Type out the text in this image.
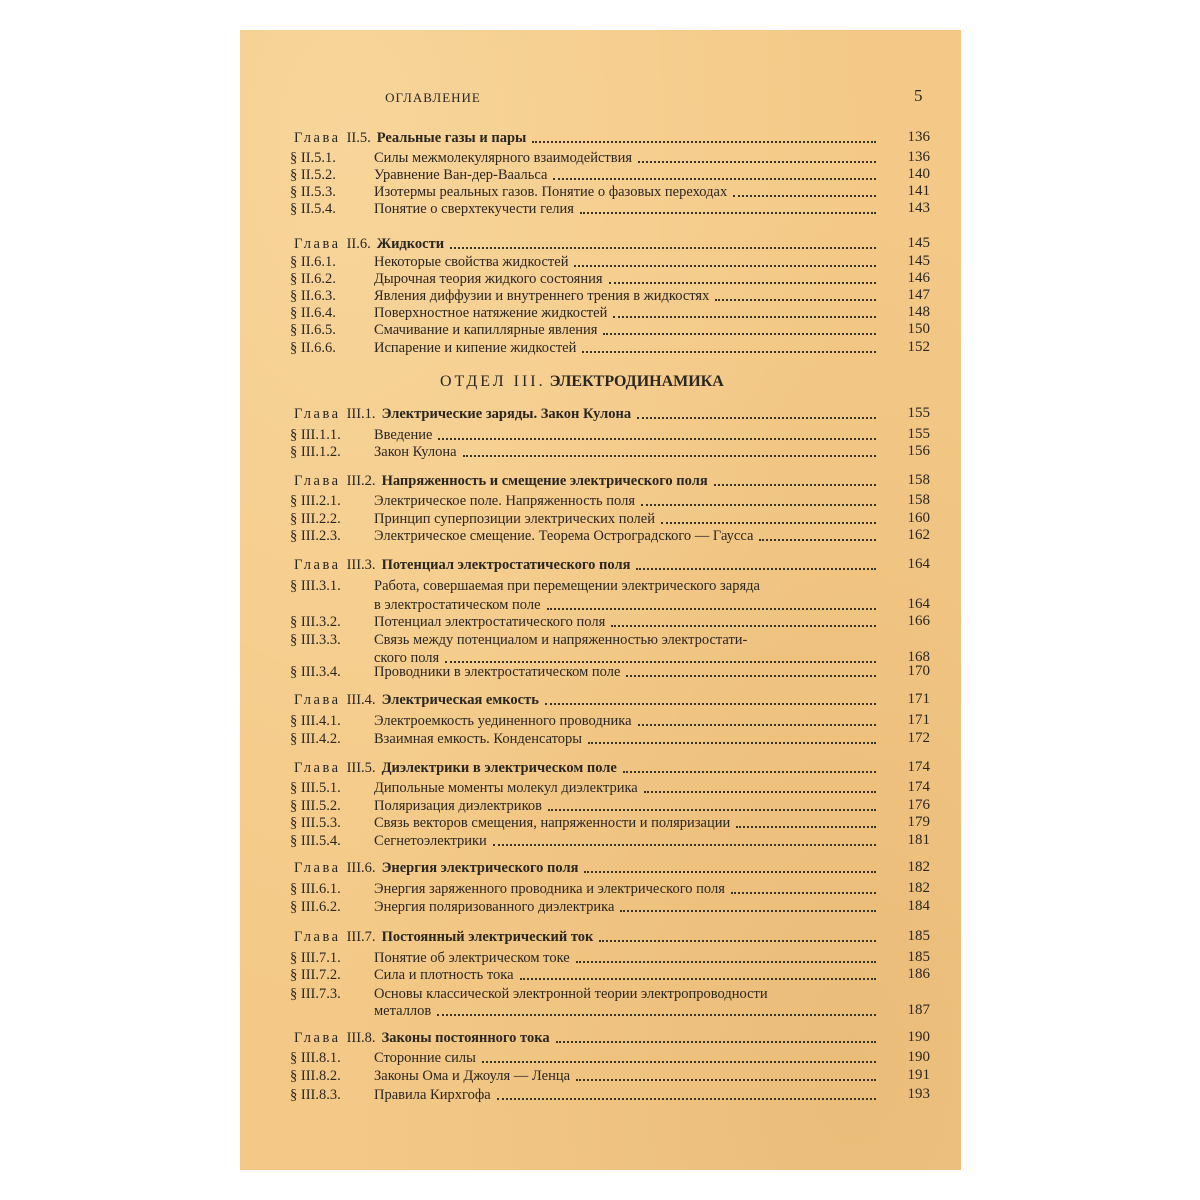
ОГЛАВЛЕНИЕ	5
ОТДЕЛ III. ЭЛЕКТРОДИНАМИКА
Глава II.5. Реальные газы и пары	136
§ II.5.1.	Силы межмолекулярного взаимодействия	136
§ II.5.2.	Уравнение Ван-дер-Ваальса	140
§ II.5.3.	Изотермы реальных газов. Понятие о фазовых переходах	141
§ II.5.4.	Понятие о сверхтекучести гелия	143
Глава II.6. Жидкости	145
§ II.6.1.	Некоторые свойства жидкостей	145
§ II.6.2.	Дырочная теория жидкого состояния	146
§ II.6.3.	Явления диффузии и внутреннего трения в жидкостях	147
§ II.6.4.	Поверхностное натяжение жидкостей	148
§ II.6.5.	Смачивание и капиллярные явления	150
§ II.6.6.	Испарение и кипение жидкостей	152
Глава III.1. Электрические заряды. Закон Кулона	155
§ III.1.1.	Введение	155
§ III.1.2.	Закон Кулона	156
Глава III.2. Напряженность и смещение электрического поля	158
§ III.2.1.	Электрическое поле. Напряженность поля	158
§ III.2.2.	Принцип суперпозиции электрических полей	160
§ III.2.3.	Электрическое смещение. Теорема Остроградского — Гаусса	162
Глава III.3. Потенциал электростатического поля	164
§ III.3.1.	Работа, совершаемая при перемещении электрического заряда
в электростатическом поле	164
§ III.3.2.	Потенциал электростатического поля	166
§ III.3.3.	Связь между потенциалом и напряженностью электростати-
ского поля	168
§ III.3.4.	Проводники в электростатическом поле	170
Глава III.4. Электрическая емкость	171
§ III.4.1.	Электроемкость уединенного проводника	171
§ III.4.2.	Взаимная емкость. Конденсаторы	172
Глава III.5. Диэлектрики в электрическом поле	174
§ III.5.1.	Дипольные моменты молекул диэлектрика	174
§ III.5.2.	Поляризация диэлектриков	176
§ III.5.3.	Связь векторов смещения, напряженности и поляризации	179
§ III.5.4.	Сегнетоэлектрики	181
Глава III.6. Энергия электрического поля	182
§ III.6.1.	Энергия заряженного проводника и электрического поля	182
§ III.6.2.	Энергия поляризованного диэлектрика	184
Глава III.7. Постоянный электрический ток	185
§ III.7.1.	Понятие об электрическом токе	185
§ III.7.2.	Сила и плотность тока	186
§ III.7.3.	Основы классической электронной теории электропроводности
металлов	187
Глава III.8. Законы постоянного тока	190
§ III.8.1.	Сторонние силы	190
§ III.8.2.	Законы Ома и Джоуля — Ленца	191
§ III.8.3.	Правила Кирхгофа	193
